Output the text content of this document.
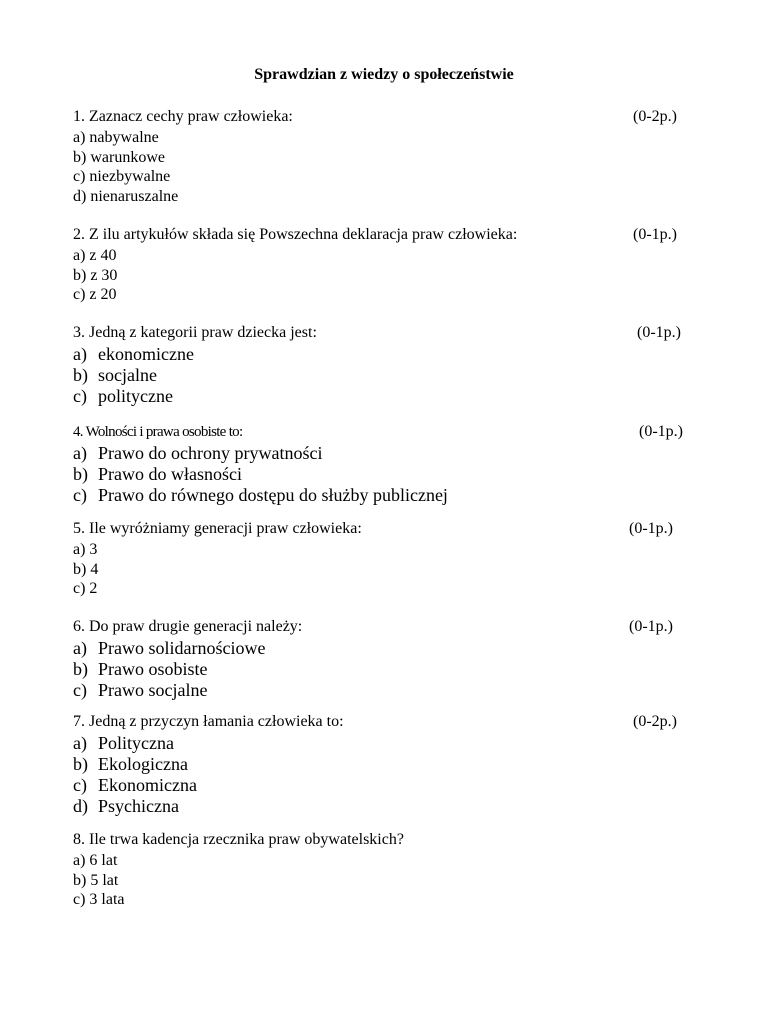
Sprawdzian z wiedzy o społeczeństwie
1. Zaznacz cechy praw człowieka:	(0-2p.)
a) nabywalne
b) warunkowe
c) niezbywalne
d) nienaruszalne
2. Z ilu artykułów składa się Powszechna deklaracja praw człowieka:	(0-1p.)
a) z 40
b) z 30
c) z 20
3. Jedną z kategorii praw dziecka jest:	(0-1p.)
a) ekonomiczne
b) socjalne
c) polityczne
4. Wolności i prawa osobiste to:	(0-1p.)
a) Prawo do ochrony prywatności
b) Prawo do własności
c) Prawo do równego dostępu do służby publicznej
5. Ile wyróżniamy generacji praw człowieka:	(0-1p.)
a) 3
b) 4
c) 2
6. Do praw drugie generacji należy:	(0-1p.)
a) Prawo solidarnościowe
b) Prawo osobiste
c) Prawo socjalne
7. Jedną z przyczyn łamania człowieka to:	(0-2p.)
a) Polityczna
b) Ekologiczna
c) Ekonomiczna
d) Psychiczna
8. Ile trwa kadencja rzecznika praw obywatelskich?
a) 6 lat
b) 5 lat
c) 3 lata
